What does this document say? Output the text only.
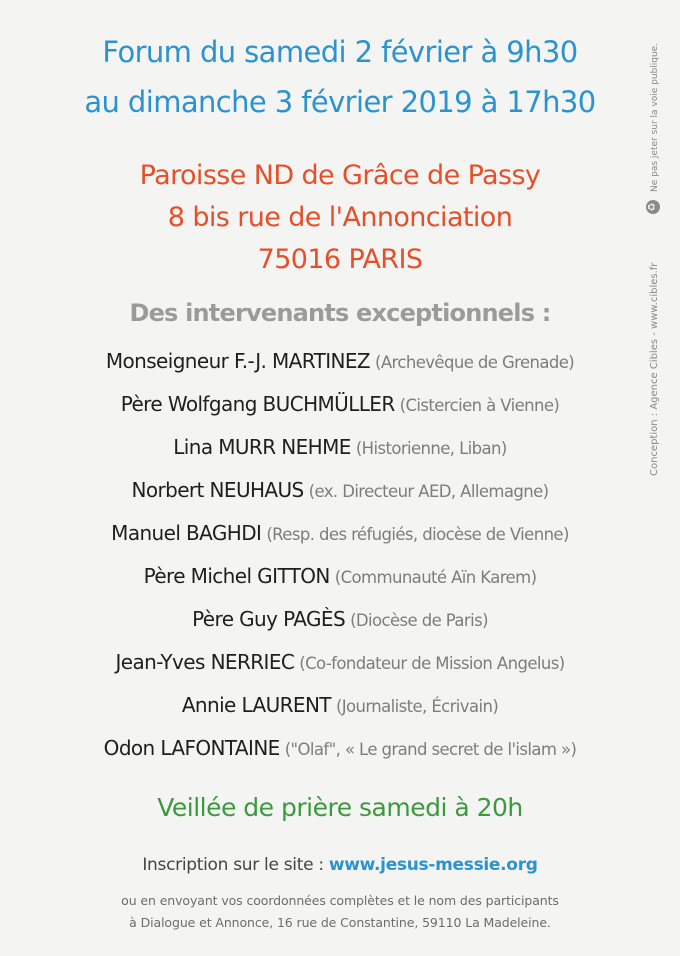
Forum du samedi 2 février à 9h30
au dimanche 3 février 2019 à 17h30
Paroisse ND de Grâce de Passy
8 bis rue de l'Annonciation
75016 PARIS
Des intervenants exceptionnels :
Monseigneur F.-J. MARTINEZ (Archevêque de Grenade)
Père Wolfgang BUCHMÜLLER (Cistercien à Vienne)
Lina MURR NEHME (Historienne, Liban)
Norbert NEUHAUS (ex. Directeur AED, Allemagne)
Manuel BAGHDI (Resp. des réfugiés, diocèse de Vienne)
Père Michel GITTON (Communauté Aïn Karem)
Père Guy PAGÈS (Diocèse de Paris)
Jean-Yves NERRIEC (Co-fondateur de Mission Angelus)
Annie LAURENT (Journaliste, Écrivain)
Odon LAFONTAINE ("Olaf", « Le grand secret de l'islam »)
Veillée de prière samedi à 20h
Inscription sur le site : www.jesus-messie.org
ou en envoyant vos coordonnées complètes et le nom des participants
à Dialogue et Annonce, 16 rue de Constantine, 59110 La Madeleine.
Conception : Agence Cibles - www.cibles.fr
♻
Ne pas jeter sur la voie publique.
